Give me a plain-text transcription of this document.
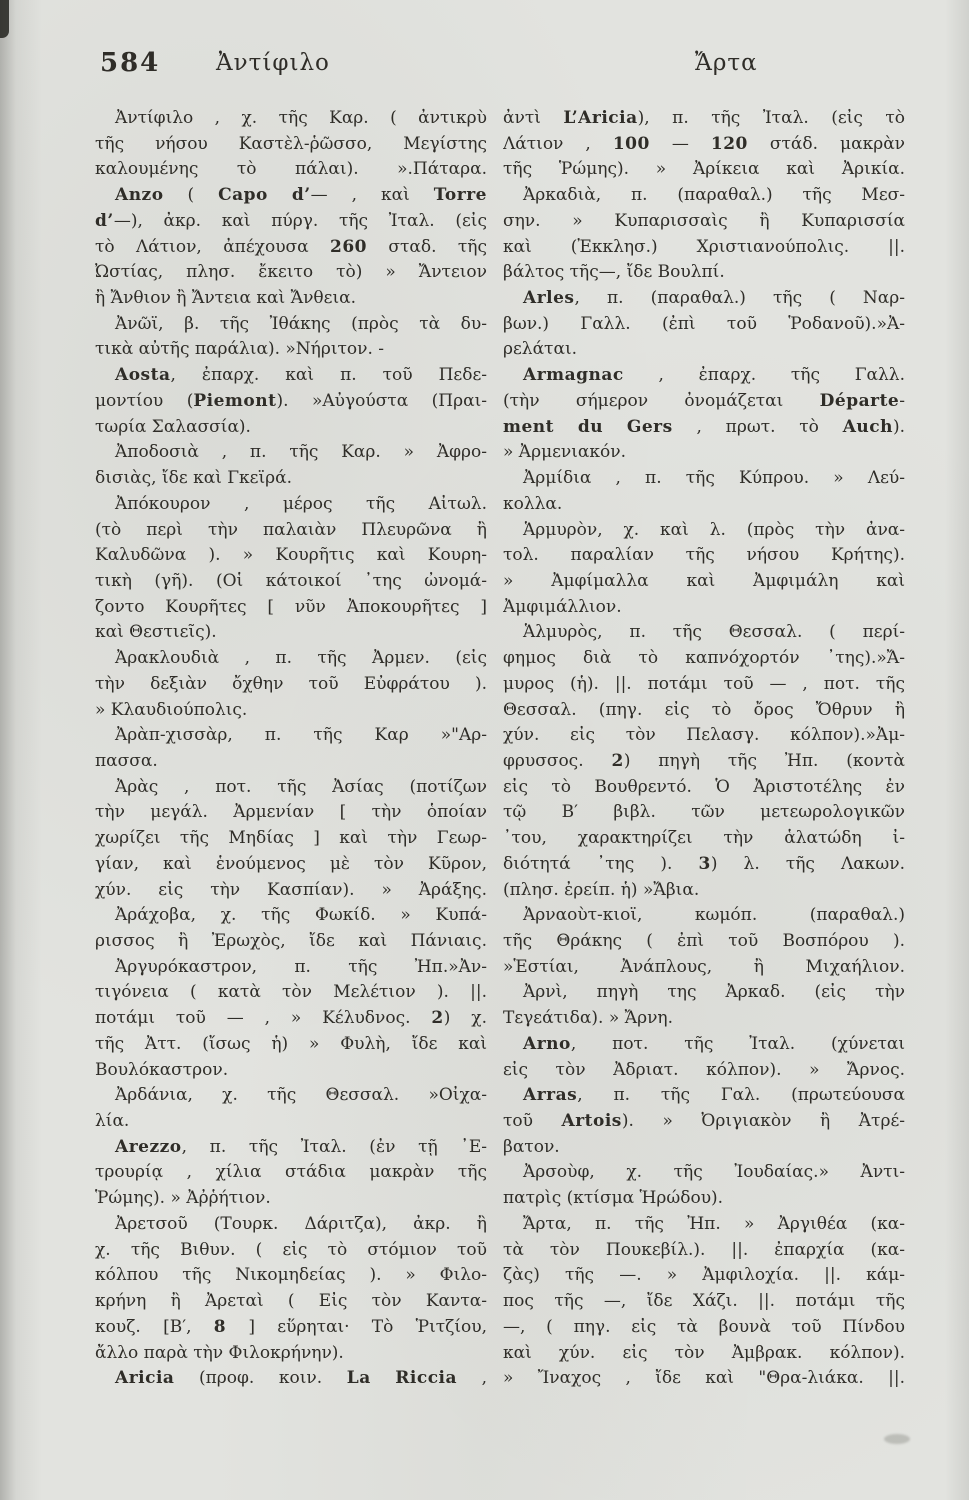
584 Ἀντίφιλο	Ἄρτα
Ἀντίφιλο , χ. τῆς Καρ. ( ἀντικρὺ
τῆς νήσου Καστὲλ-ῥῶσσο, Μεγίστης
καλουμένης τὸ πάλαι). ».Πάταρα.
Anzo ( Capo d’— , καὶ Torre
d’—), ἀκρ. καὶ πύργ. τῆς Ἰταλ. (εἰς
τὸ Λάτιον, ἀπέχουσα 260 σταδ. τῆς
Ὠστίας, πλησ. ἔκειτο τὸ) » Ἄντειον
ἢ Ἄνθιον ἢ Ἄντεια καὶ Ἄνθεια.
Ἀνῶϊ, β. τῆς Ἰθάκης (πρὸς τὰ δυ-
τικὰ αὐτῆς παράλια). »Νήριτον. -
Aosta, ἐπαρχ. καὶ π. τοῦ Πεδε-
μοντίου (Piemont). »Αὐγούστα (Πραι-
τωρία Σαλασσία).
Ἀποδοσιὰ , π. τῆς Καρ. » Ἀφρο-
δισιὰς, ἴδε καὶ Γκεϊρά.
Ἀπόκουρον , μέρος τῆς Αἰτωλ.
(τὸ περὶ τὴν παλαιὰν Πλευρῶνα ἢ
Καλυδῶνα ). » Κουρῆτις καὶ Κουρη-
τικὴ (γῆ). (Οἱ κάτοικοί ᾽της ὠνομά-
ζοντο Κουρῆτες [ νῦν Ἀποκουρῆτες ]
καὶ Θεστιεῖς).
Ἀρακλουδιὰ , π. τῆς Ἀρμεν. (εἰς
τὴν δεξιὰν ὄχθην τοῦ Εὐφράτου ).
» Κλαυδιούπολις.
Ἀρὰπ-χισσὰρ, π. τῆς Καρ »"Αρ-
πασσα.
Ἀρὰς , ποτ. τῆς Ἀσίας (ποτίζων
τὴν μεγάλ. Ἀρμενίαν [ τὴν ὁποίαν
χωρίζει τῆς Μηδίας ] καὶ τὴν Γεωρ-
γίαν, καὶ ἑνούμενος μὲ τὸν Κῦρον,
χύν. εἰς τὴν Κασπίαν). » Ἀράξης.
Ἀράχοβα, χ. τῆς Φωκίδ. » Κυπά-
ρισσος ἢ Ἐρωχὸς, ἴδε καὶ Πάνιαις.
Ἀργυρόκαστρον, π. τῆς Ἠπ.»Ἀν-
τιγόνεια ( κατὰ τὸν Μελέτιον ). ||.
ποτάμι τοῦ — , » Κέλυδνος. 2) χ.
τῆς Ἀττ. (ἴσως ἡ) » Φυλὴ, ἴδε καὶ
Βουλόκαστρον.
Ἀρδάνια, χ. τῆς Θεσσαλ. »Οἰχα-
λία.
Arezzo, π. τῆς Ἰταλ. (ἐν τῇ ᾽Ε-
τρουρίᾳ , χίλια στάδια μακρὰν τῆς
Ῥώμης). » Ἀῤῥήτιον.
Ἀρετσοῦ (Τουρκ. Δάριτζα), ἀκρ. ἢ
χ. τῆς Βιθυν. ( εἰς τὸ στόμιον τοῦ
κόλπου τῆς Νικομηδείας ). » Φιλο-
κρήνη ἢ Ἀρεταὶ ( Εἰς τὸν Καντα-
κουζ. [Β′, 8 ] εὕρηται· Τὸ Ῥιτζίου,
ἄλλο παρὰ τὴν Φιλοκρήνην).
Aricia (προφ. κοιν. La Riccia ,
ἀντὶ L’Aricia), π. τῆς Ἰταλ. (εἰς τὸ
Λάτιον , 100 — 120 στάδ. μακρὰν
τῆς Ῥώμης). » Ἀρίκεια καὶ Ἀρικία.
Ἀρκαδιὰ, π. (παραθαλ.) τῆς Μεσ-
σην. » Κυπαρισσαὶς ἢ Κυπαρισσία
καὶ (Ἐκκλησ.) Χριστιανούπολις. ||.
βάλτος τῆς—, ἴδε Βουλπί.
Arles, π. (παραθαλ.) τῆς ( Ναρ-
βων.) Γαλλ. (ἐπὶ τοῦ Ῥοδανοῦ).»Ἀ-
ρελάται.
Armagnac , ἐπαρχ. τῆς Γαλλ.
(τὴν σήμερον ὀνομάζεται Départe-
ment du Gers , πρωτ. τὸ Auch).
» Ἀρμενιακόν.
Ἀρμίδια , π. τῆς Κύπρου. » Λεύ-
κολλα.
Ἁρμυρὸν, χ. καὶ λ. (πρὸς τὴν ἀνα-
τολ. παραλίαν τῆς νήσου Κρήτης).
» Ἀμφίμαλλα καὶ Ἀμφιμάλη καὶ
Ἀμφιμάλλιον.
Ἁλμυρὸς, π. τῆς Θεσσαλ. ( περί-
φημος διὰ τὸ καπνόχορτόν ᾽της).»Ἄ-
μυρος (ἡ). ||. ποτάμι τοῦ — , ποτ. τῆς
Θεσσαλ. (πηγ. εἰς τὸ ὄρος Ὄθρυν ἢ
χύν. εἰς τὸν Πελασγ. κόλπον).»Ἀμ-
φρυσσος. 2) πηγὴ τῆς Ἠπ. (κοντὰ
εἰς τὸ Βουθρεντό. Ὁ Ἀριστοτέλης ἐν
τῷ Β′ βιβλ. τῶν μετεωρολογικῶν
᾽του, χαρακτηρίζει τὴν ἁλατώδη ἰ-
διότητά ᾽της ). 3) λ. τῆς Λακων.
(πλησ. ἐρείπ. ἡ) »Ἄβια.
Ἀρναοὺτ-κιοϊ, κωμόπ. (παραθαλ.)
τῆς Θράκης ( ἐπὶ τοῦ Βοσπόρου ).
»Ἑστίαι, Ἀνάπλους, ἢ Μιχαήλιον.
Ἀρνὶ, πηγὴ της Ἀρκαδ. (εἰς τὴν
Τεγεάτιδα). » Ἄρνη.
Arno, ποτ. τῆς Ἰταλ. (χύνεται
εἰς τὸν Ἀδριατ. κόλπον). » Ἄρνος.
Arras, π. τῆς Γαλ. (πρωτεύουσα
τοῦ Artois). » Ὀριγιακὸν ἢ Ἀτρέ-
βατον.
Ἀρσοὺφ, χ. τῆς Ἰουδαίας.» Ἀντι-
πατρὶς (κτίσμα Ἡρώδου).
Ἄρτα, π. τῆς Ἠπ. » Ἀργιθέα (κα-
τὰ τὸν Πουκεβίλ.). ||. ἐπαρχία (κα-
ζὰς) τῆς —. » Ἀμφιλοχία. ||. κάμ-
πος τῆς —, ἴδε Χάζι. ||. ποτάμι τῆς
—, ( πηγ. εἰς τὰ βουνὰ τοῦ Πίνδου
καὶ χύν. εἰς τὸν Ἀμβρακ. κόλπον).
» Ἴναχος , ἴδε καὶ "Θρα-λιάκα. ||.
